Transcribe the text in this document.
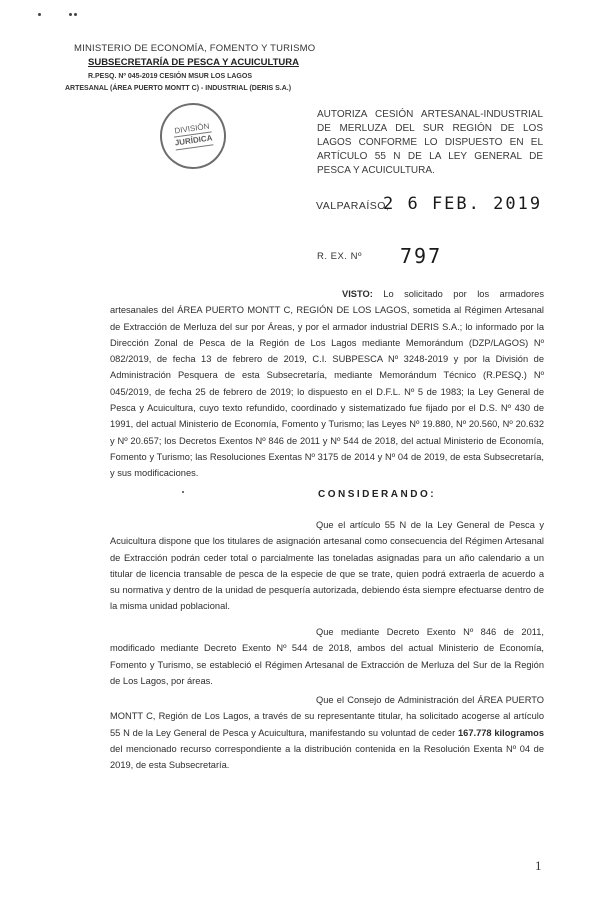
MINISTERIO DE ECONOMÍA, FOMENTO Y TURISMO
SUBSECRETARÍA DE PESCA Y ACUICULTURA
R.PESQ. Nº 045-2019 CESIÓN MSUR LOS LAGOS
ARTESANAL (ÁREA PUERTO MONTT C) - INDUSTRIAL (DERIS S.A.)
DIVISIÓN
JURÍDICA
AUTORIZA CESIÓN ARTESANAL-INDUSTRIAL DE MERLUZA DEL SUR REGIÓN DE LOS LAGOS CONFORME LO DISPUESTO EN EL ARTÍCULO 55 N DE LA LEY GENERAL DE PESCA Y ACUICULTURA.
VALPARAÍSO,
2 6 FEB. 2019
R. EX. Nº 797
VISTO: Lo solicitado por los armadores artesanales del ÁREA PUERTO MONTT C, REGIÓN DE LOS LAGOS, sometida al Régimen Artesanal de Extracción de Merluza del sur por Áreas, y por el armador industrial DERIS S.A.; lo informado por la Dirección Zonal de Pesca de la Región de Los Lagos mediante Memorándum (DZP/LAGOS) Nº 082/2019, de fecha 13 de febrero de 2019, C.I. SUBPESCA Nº 3248-2019 y por la División de Administración Pesquera de esta Subsecretaría, mediante Memorándum Técnico (R.PESQ.) Nº 045/2019, de fecha 25 de febrero de 2019; lo dispuesto en el D.F.L. Nº 5 de 1983; la Ley General de Pesca y Acuicultura, cuyo texto refundido, coordinado y sistematizado fue fijado por el D.S. Nº 430 de 1991, del actual Ministerio de Economía, Fomento y Turismo; las Leyes Nº 19.880, Nº 20.560, Nº 20.632 y Nº 20.657; los Decretos Exentos Nº 846 de 2011 y Nº 544 de 2018, del actual Ministerio de Economía, Fomento y Turismo; las Resoluciones Exentas Nº 3175 de 2014 y Nº 04 de 2019, de esta Subsecretaría, y sus modificaciones.
CONSIDERANDO:
Que el artículo 55 N de la Ley General de Pesca y Acuicultura dispone que los titulares de asignación artesanal como consecuencia del Régimen Artesanal de Extracción podrán ceder total o parcialmente las toneladas asignadas para un año calendario a un titular de licencia transable de pesca de la especie de que se trate, quien podrá extraerla de acuerdo a su normativa y dentro de la unidad de pesquería autorizada, debiendo ésta siempre efectuarse dentro de la misma unidad poblacional.
Que mediante Decreto Exento Nº 846 de 2011, modificado mediante Decreto Exento Nº 544 de 2018, ambos del actual Ministerio de Economía, Fomento y Turismo, se estableció el Régimen Artesanal de Extracción de Merluza del Sur de la Región de Los Lagos, por áreas.
Que el Consejo de Administración del ÁREA PUERTO MONTT C, Región de Los Lagos, a través de su representante titular, ha solicitado acogerse al artículo 55 N de la Ley General de Pesca y Acuicultura, manifestando su voluntad de ceder 167.778 kilogramos del mencionado recurso correspondiente a la distribución contenida en la Resolución Exenta Nº 04 de 2019, de esta Subsecretaría.
1
